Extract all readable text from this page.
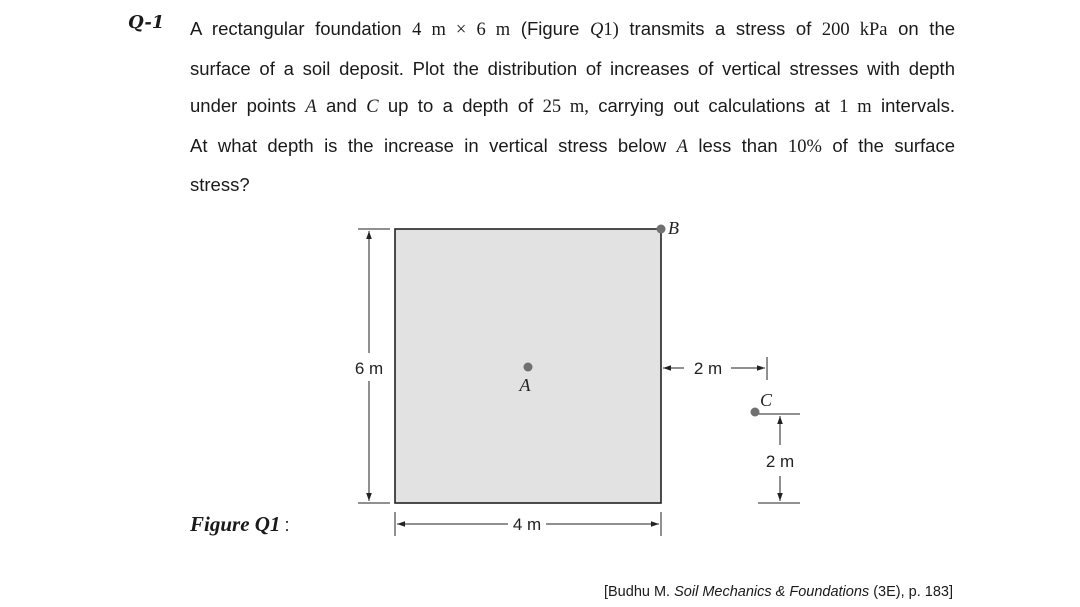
Q-1 A rectangular foundation 4 m × 6 m (Figure Q1) transmits a stress of 200 kPa on the
surface of a soil deposit. Plot the distribution of increases of vertical stresses with depth
under points A and C up to a depth of 25 m, carrying out calculations at 1 m intervals.
At what depth is the increase in vertical stress below A less than 10% of the surface
stress?
6 m
4 m
2 m
2 m
A
B
C
Figure Q1 :
[Budhu M. Soil Mechanics & Foundations (3E), p. 183]
